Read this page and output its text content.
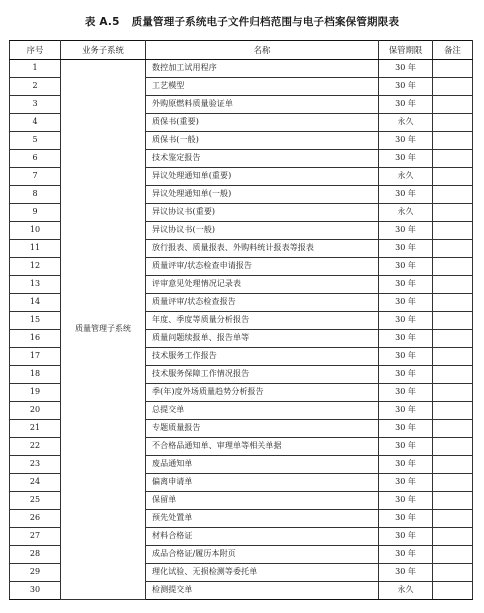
表 A.5 质量管理子系统电子文件归档范围与电子档案保管期限表
序号	业务子系统	名称	保管期限	备注
1	质量管理子系统	数控加工试用程序	30 年	
2		工艺模型	30 年	
3		外购原燃料质量验证单	30 年	
4		质保书(重要)	永久	
5		质保书(一般)	30 年	
6		技术鉴定报告	30 年	
7		异议处理通知单(重要)	永久	
8		异议处理通知单(一般)	30 年	
9		异议协议书(重要)	永久	
10		异议协议书(一般)	30 年	
11		放行报表、质量报表、外购料统计报表等报表	30 年	
12		质量评审/状态检查申请报告	30 年	
13		评审意见处理情况记录表	30 年	
14		质量评审/状态检查报告	30 年	
15		年度、季度等质量分析报告	30 年	
16		质量问题续报单、报告单等	30 年	
17		技术服务工作报告	30 年	
18		技术服务保障工作情况报告	30 年	
19		季(年)度外场质量趋势分析报告	30 年	
20		总提交单	30 年	
21		专题质量报告	30 年	
22		不合格品通知单、审理单等相关单据	30 年	
23		废品通知单	30 年	
24		偏离申请单	30 年	
25		保留单	30 年	
26		预先处置单	30 年	
27		材料合格证	30 年	
28		成品合格证/履历本附页	30 年	
29		理化试验、无损检测等委托单	30 年	
30		检测提交单	永久	
